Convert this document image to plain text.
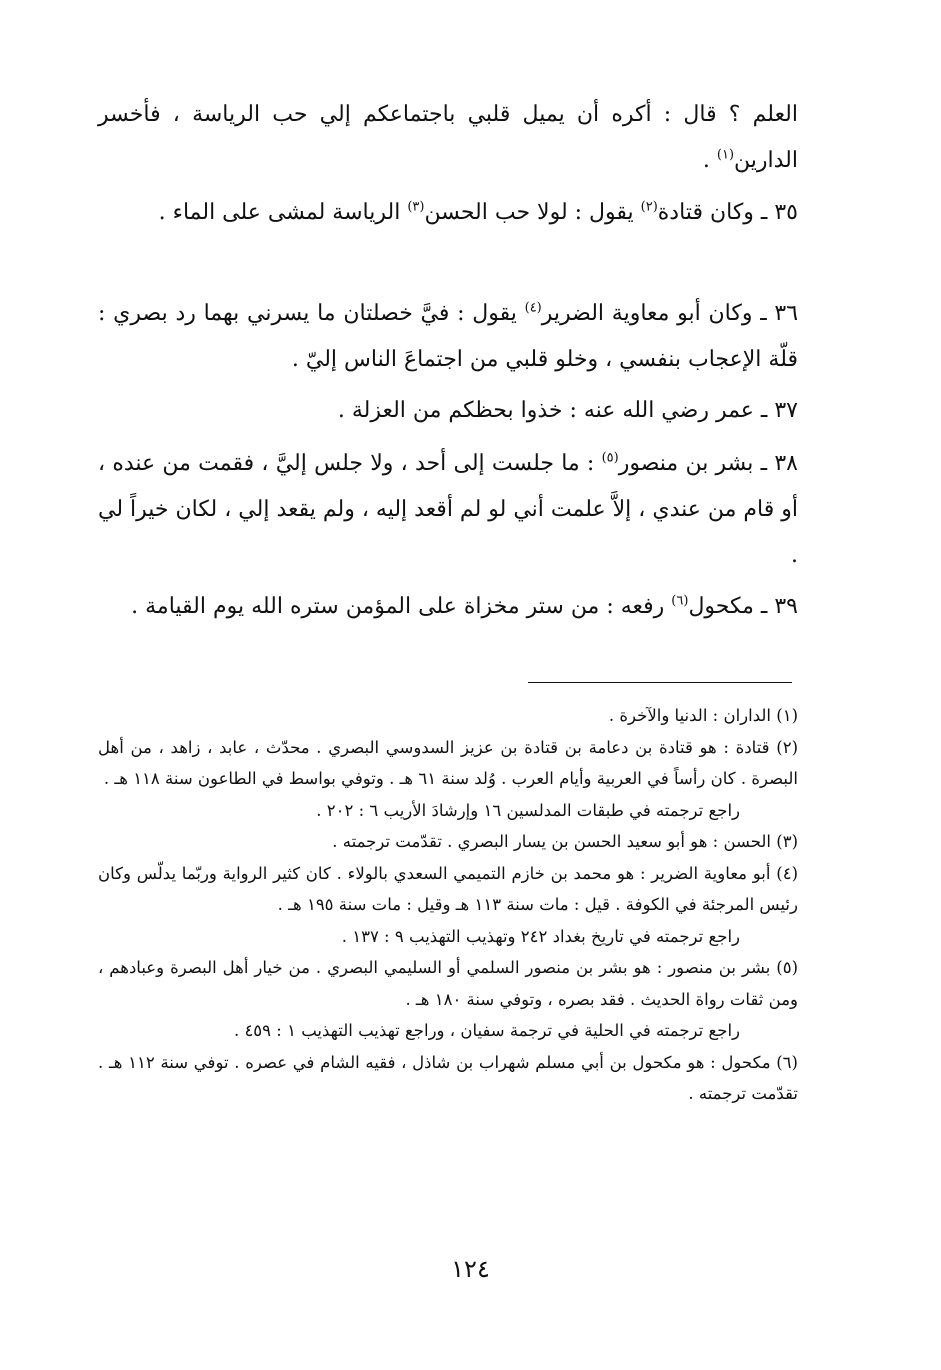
العلم ؟ قال : أكره أن يميل قلبي باجتماعكم إلي حب الرياسة ، فأخسر الدارين$^{(١)}$ .
٣٥ ـ وكان قتادة$^{(٢)}$ يقول : لولا حب الحسن$^{(٣)}$ الرياسة لمشى على الماء .
٣٦ ـ وكان أبو معاوية الضرير$^{(٤)}$ يقول : فيَّ خصلتان ما يسرني بهما رد بصري : قلّة الإعجاب بنفسي ، وخلو قلبي من اجتماعَ الناس إليّ .
٣٧ ـ عمر رضي الله عنه : خذوا بحظكم من العزلة .
٣٨ ـ بشر بن منصور$^{(٥)}$ : ما جلست إلى أحد ، ولا جلس إليَّ ، فقمت من عنده ، أو قام من عندي ، إلاَّ علمت أني لو لم أقعد إليه ، ولم يقعد إلي ، لكان خيراً لي .
٣٩ ـ مكحول$^{(٦)}$ رفعه : من ستر مخزاة على المؤمن ستره الله يوم القيامة .
(١) الداران : الدنيا والآخرة .
(٢) قتادة : هو قتادة بن دعامة بن قتادة بن عزيز السدوسي البصري . محدّث ، عابد ، زاهد ، من أهل البصرة . كان رأساً في العربية وأيام العرب . وُلد سنة ٦١ هـ . وتوفي بواسط في الطاعون سنة ١١٨ هـ .
راجع ترجمته في طبقات المدلسين ١٦ وإرشادَ الأريب ٦ : ٢٠٢ .
(٣) الحسن : هو أبو سعيد الحسن بن يسار البصري . تقدّمت ترجمته .
(٤) أبو معاوية الضرير : هو محمد بن خازم التميمي السعدي بالولاء . كان كثير الرواية وربّما يدلّس وكان رئيس المرجئة في الكوفة . قيل : مات سنة ١١٣ هـ وقيل : مات سنة ١٩٥ هـ .
راجع ترجمته في تاريخ بغداد ٢٤٢ وتهذيب التهذيب ٩ : ١٣٧ .
(٥) بشر بن منصور : هو بشر بن منصور السلمي أو السليمي البصري . من خيار أهل البصرة وعبادهم ، ومن ثقات رواة الحديث . فقد بصره ، وتوفي سنة ١٨٠ هـ .
راجع ترجمته في الحلية في ترجمة سفيان ، وراجع تهذيب التهذيب ١ : ٤٥٩ .
(٦) مكحول : هو مكحول بن أبي مسلم شهراب بن شاذل ، فقيه الشام في عصره . توفي سنة ١١٢ هـ . تقدّمت ترجمته .
١٢٤
